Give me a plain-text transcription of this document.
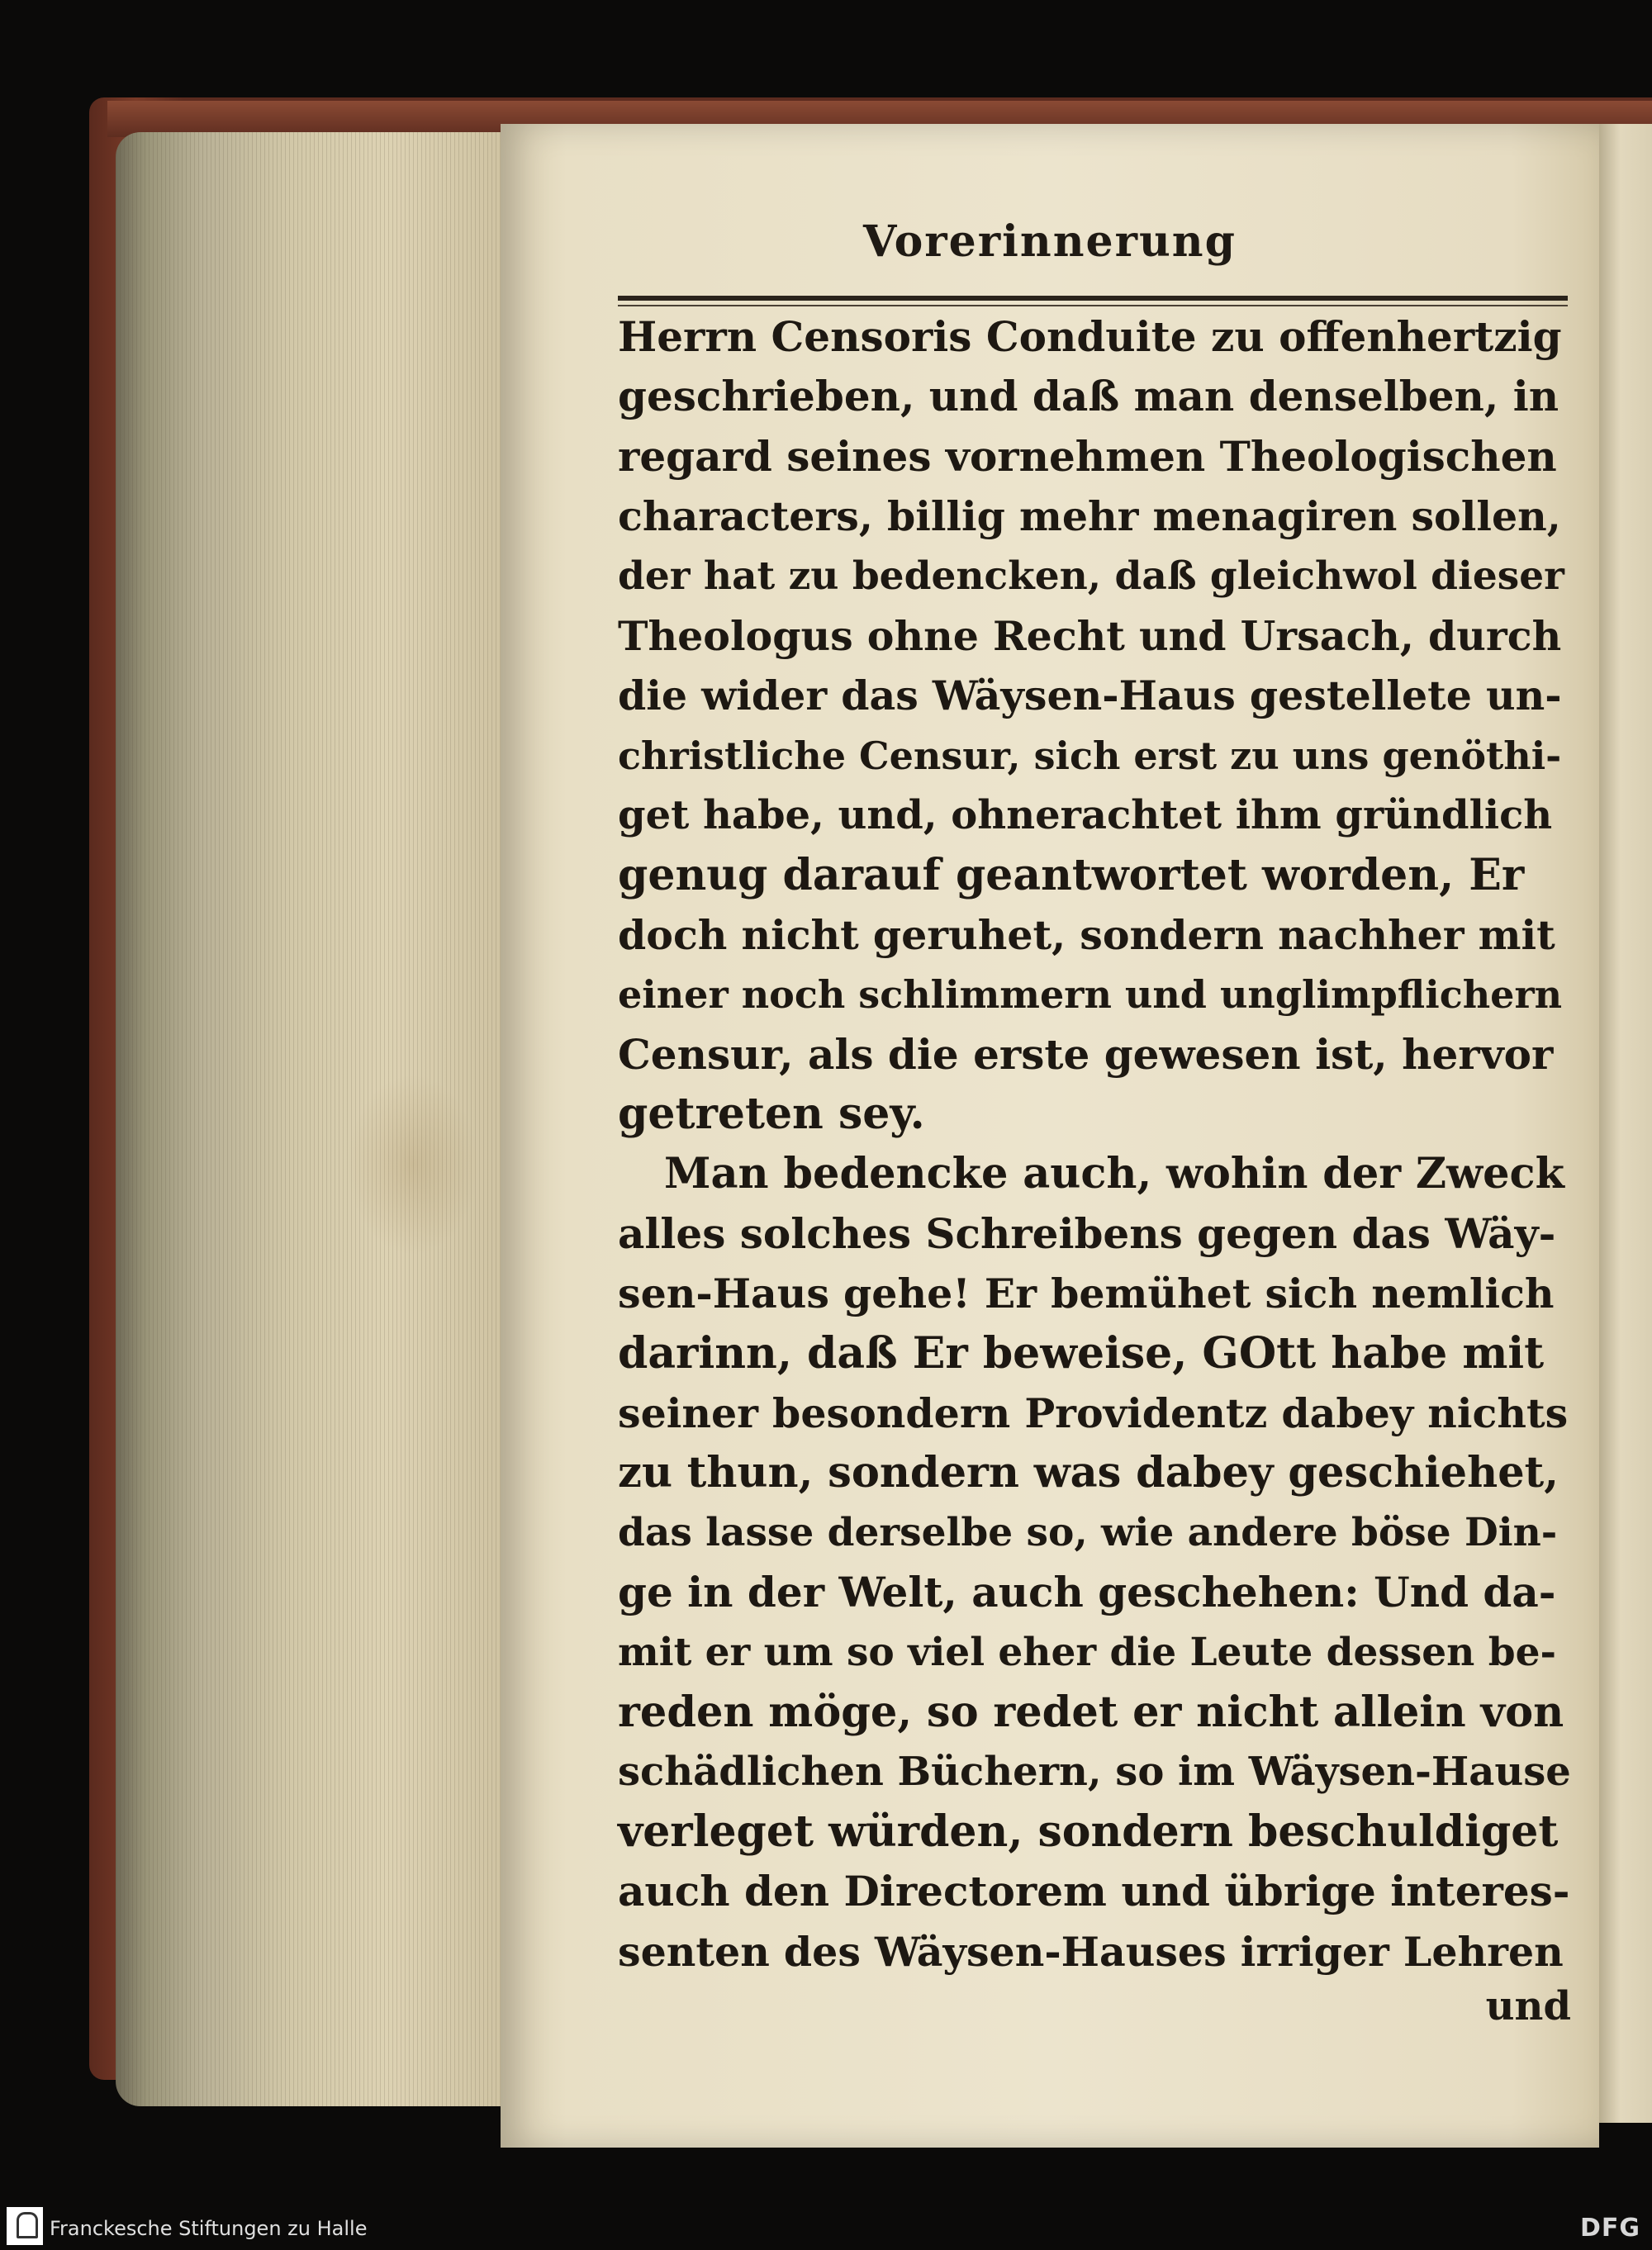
Vorerinnerung
Herrn Censoris Conduite zu offenhertzig
geschrieben, und daß man denselben, in
regard seines vornehmen Theologischen
characters, billig mehr menagiren sollen,
der hat zu bedencken, daß gleichwol dieser
Theologus ohne Recht und Ursach, durch
die wider das Wäysen-Haus gestellete un-
christliche Censur, sich erst zu uns genöthi-
get habe, und, ohnerachtet ihm gründlich
genug darauf geantwortet worden, Er
doch nicht geruhet, sondern nachher mit
einer noch schlimmern und unglimpflichern
Censur, als die erste gewesen ist, hervor
getreten sey.
Man bedencke auch, wohin der Zweck
alles solches Schreibens gegen das Wäy-
sen-Haus gehe! Er bemühet sich nemlich
darinn, daß Er beweise, GOtt habe mit
seiner besondern Providentz dabey nichts
zu thun, sondern was dabey geschiehet,
das lasse derselbe so, wie andere böse Din-
ge in der Welt, auch geschehen: Und da-
mit er um so viel eher die Leute dessen be-
reden möge, so redet er nicht allein von
schädlichen Büchern, so im Wäysen-Hause
verleget würden, sondern beschuldiget
auch den Directorem und übrige interes-
senten des Wäysen-Hauses irriger Lehren
und
Franckesche Stiftungen zu Halle	DFG
